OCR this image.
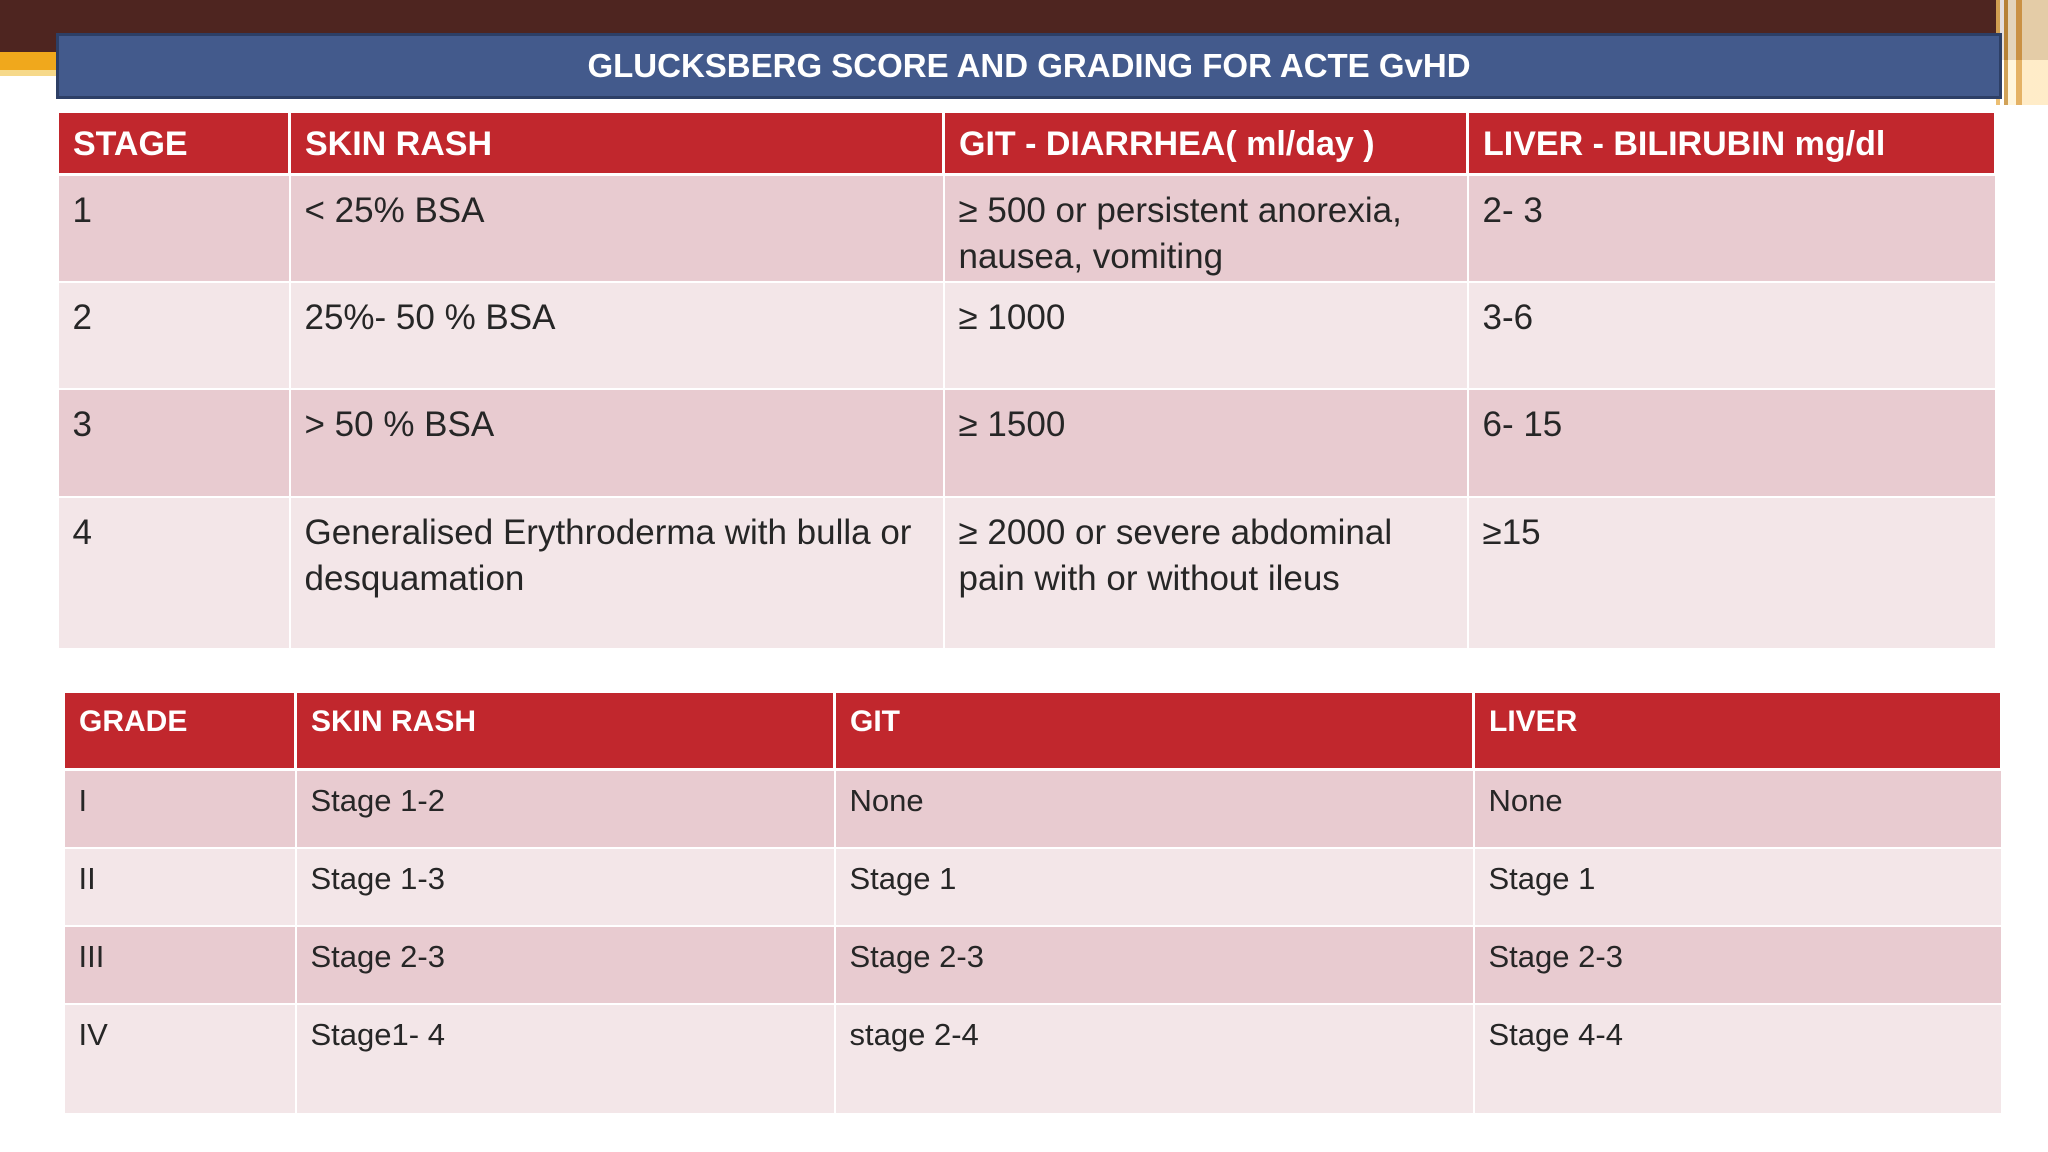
GLUCKSBERG SCORE AND GRADING FOR ACTE GvHD
STAGE	SKIN RASH	GIT - DIARRHEA( ml/day )	LIVER - BILIRUBIN mg/dl
1	< 25% BSA	≥ 500 or persistent anorexia, nausea, vomiting	2- 3
2	25%- 50 % BSA	≥ 1000	3-6
3	> 50 % BSA	≥ 1500	6- 15
4	Generalised Erythroderma with bulla or desquamation	≥ 2000 or severe abdominal pain with or without ileus	≥15
GRADE	SKIN RASH	GIT	LIVER
I	Stage 1-2	None	None
II	Stage 1-3	Stage 1	Stage 1
III	Stage 2-3	Stage 2-3	Stage 2-3
IV	Stage1- 4	stage 2-4	Stage 4-4
